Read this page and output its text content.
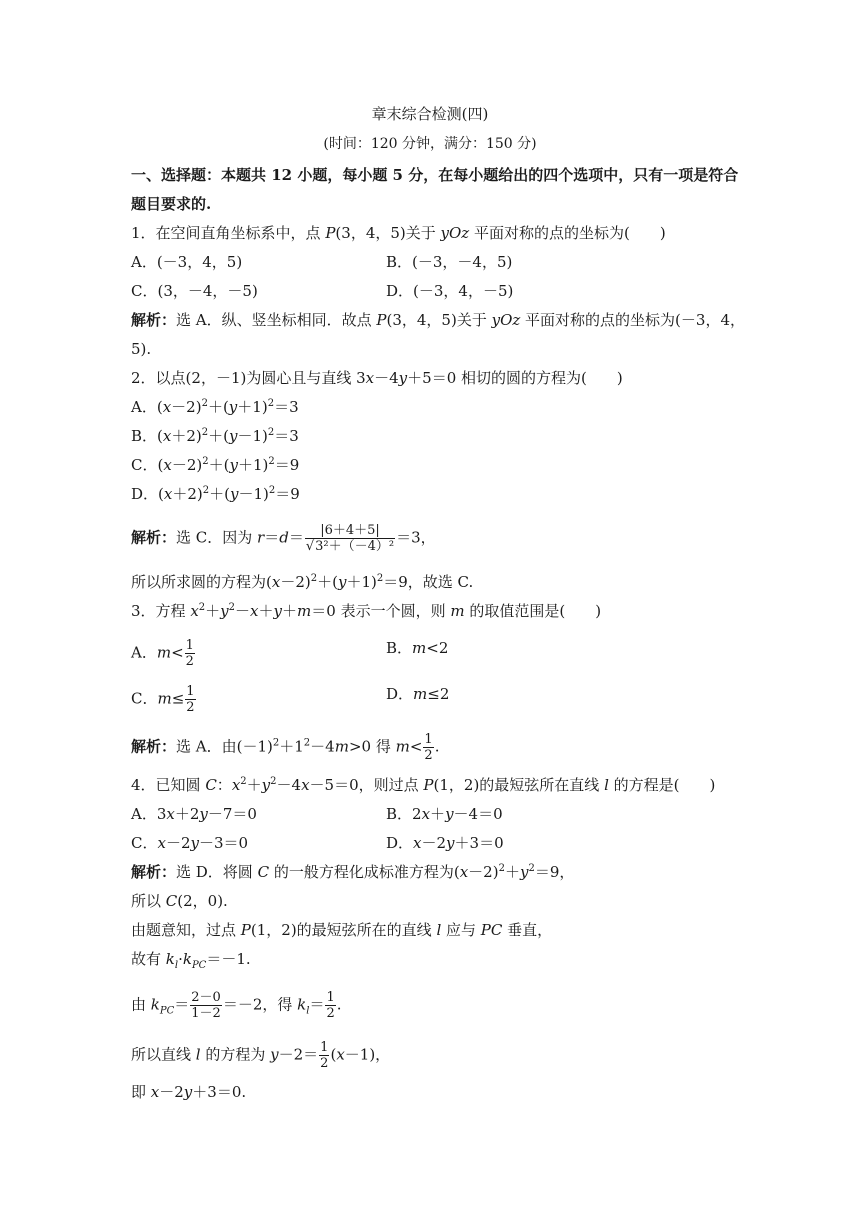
章末综合检测(四)
(时间：120 分钟，满分：150 分)
一、选择题：本题共 12 小题，每小题 5 分，在每小题给出的四个选项中，只有一项是符合
题目要求的.
1．在空间直角坐标系中，点 P(3，4，5)关于 yOz 平面对称的点的坐标为(　　)
A．(－3，4，5)	B．(－3，－4，5)
C．(3，－4，－5)	D．(－3，4，－5)
解析：选 A．纵、竖坐标相同．故点 P(3，4，5)关于 yOz 平面对称的点的坐标为(－3，4，
5).
2．以点(2，－1)为圆心且与直线 3x－4y＋5＝0 相切的圆的方程为(　　)
A．$(x-2)^2+(y+1)^2=3$
B．$(x+2)^2+(y-1)^2=3$
C．$(x-2)^2+(y+1)^2=9$
D．$(x+2)^2+(y-1)^2=9$
解析：选 C．因为 $r=d= \frac{|6+4+5|}{\text{√3²＋（－4）²}} =3$，
所以所求圆的方程为$(x-2)^2+(y+1)^2=9$，故选 C.
3．方程 $x^2+y^2-x+y+m=0$ 表示一个圆，则 m 的取值范围是(　　)
A．$m< \frac{1}{2}$	B．m<2
C．$m\le \frac{1}{2}$	D．m≤2
解析：选 A．由$(-1)^2+1^2-4m>0$ 得 $m< \frac{1}{2}$ .
4．已知圆 C：$x^2+y^2-4x-5=0$，则过点 P(1，2)的最短弦所在直线 l 的方程是(　　)
A．3x＋2y－7＝0	B．2x＋y－4＝0
C．x－2y－3＝0	D．x－2y＋3＝0
解析：选 D．将圆 C 的一般方程化成标准方程为$(x-2)^2+y^2=9$，
所以 C(2，0).
由题意知，过点 P(1，2)的最短弦所在的直线 l 应与 PC 垂直，
故有 $k_l\cdot k_{PC}=-1$.
由 $k_{PC}= \frac{2-0}{1-2} =-2$，得 $k_l= \frac{1}{2}$ .
所以直线 l 的方程为 $y-2= \frac{1}{2} (x-1)$，
即 x－2y＋3＝0.
